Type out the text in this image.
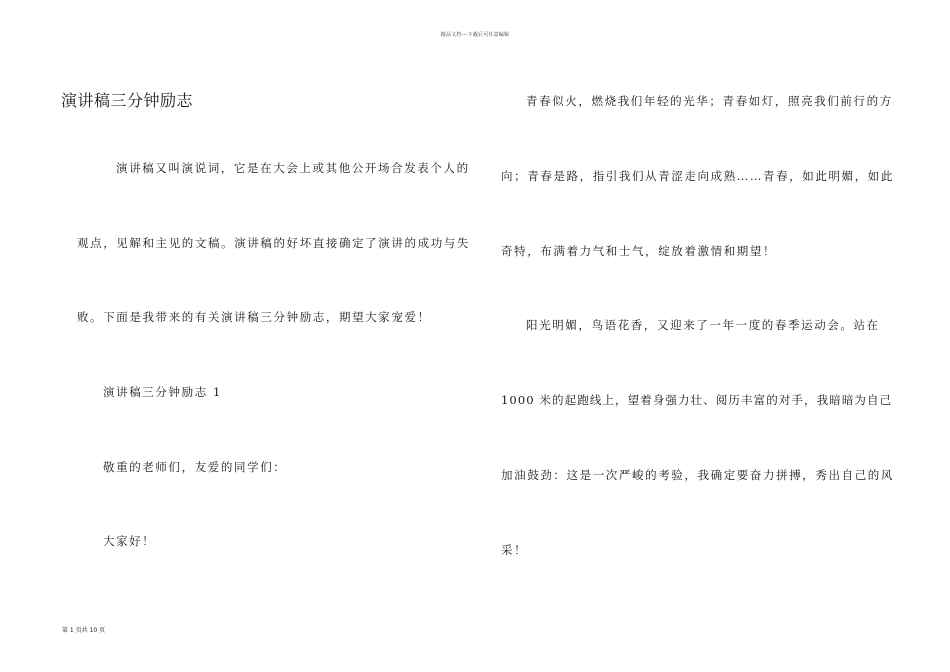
精品文档---下载后可任意编辑
演讲稿三分钟励志
演讲稿又叫演说词，它是在大会上或其他公开场合发表个人的
观点，见解和主见的文稿。演讲稿的好坏直接确定了演讲的成功与失
败。下面是我带来的有关演讲稿三分钟励志，期望大家宠爱！
演讲稿三分钟励志 1
敬重的老师们，友爱的同学们：
大家好！
青春似火，燃烧我们年轻的光华；青春如灯，照亮我们前行的方
向；青春是路，指引我们从青涩走向成熟……青春，如此明媚，如此
奇特，布满着力气和士气，绽放着激情和期望！
阳光明媚，鸟语花香，又迎来了一年一度的春季运动会。站在
1000 米的起跑线上，望着身强力壮、阅历丰富的对手，我暗暗为自己
加油鼓劲：这是一次严峻的考验，我确定要奋力拼搏，秀出自己的风
采！
第 1 页共 10 页
